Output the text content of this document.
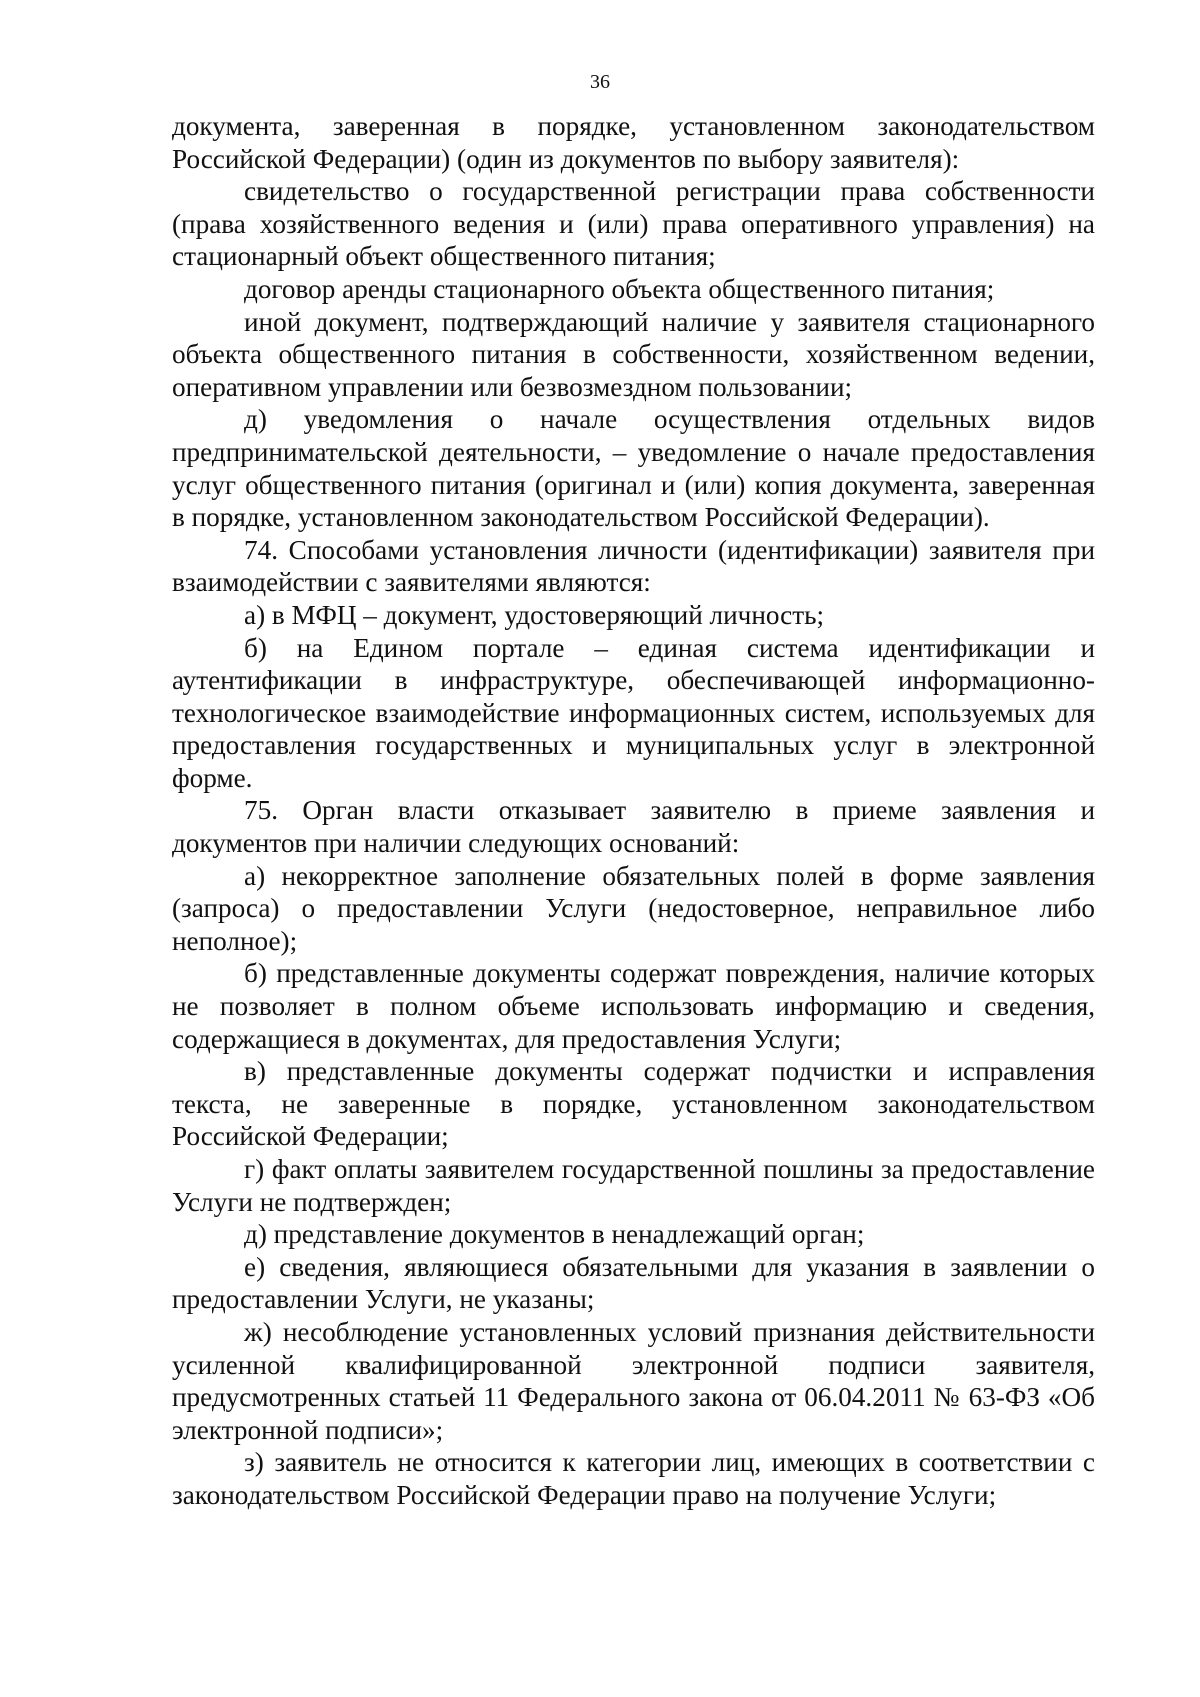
36

документа, заверенная в порядке, установленном законодательством Российской Федерации) (один из документов по выбору заявителя):

свидетельство о государственной регистрации права собственности (права хозяйственного ведения и (или) права оперативного управления) на стационарный объект общественного питания;

договор аренды стационарного объекта общественного питания;

иной документ, подтверждающий наличие у заявителя стационарного объекта общественного питания в собственности, хозяйственном ведении, оперативном управлении или безвозмездном пользовании;

д) уведомления о начале осуществления отдельных видов предпринимательской деятельности, – уведомление о начале предоставления услуг общественного питания (оригинал и (или) копия документа, заверенная в порядке, установленном законодательством Российской Федерации).

74. Способами установления личности (идентификации) заявителя при взаимодействии с заявителями являются:

а) в МФЦ – документ, удостоверяющий личность;

б) на Едином портале – единая система идентификации и аутентификации в инфраструктуре, обеспечивающей информационно-технологическое взаимодействие информационных систем, используемых для предоставления государственных и муниципальных услуг в электронной форме.

75. Орган власти отказывает заявителю в приеме заявления и документов при наличии следующих оснований:

а) некорректное заполнение обязательных полей в форме заявления (запроса) о предоставлении Услуги (недостоверное, неправильное либо неполное);

б) представленные документы содержат повреждения, наличие которых не позволяет в полном объеме использовать информацию и сведения, содержащиеся в документах, для предоставления Услуги;

в) представленные документы содержат подчистки и исправления текста, не заверенные в порядке, установленном законодательством Российской Федерации;

г) факт оплаты заявителем государственной пошлины за предоставление Услуги не подтвержден;

д) представление документов в ненадлежащий орган;

е) сведения, являющиеся обязательными для указания в заявлении о предоставлении Услуги, не указаны;

ж) несоблюдение установленных условий признания действительности усиленной квалифицированной электронной подписи заявителя, предусмотренных статьей 11 Федерального закона от 06.04.2011 № 63-ФЗ «Об электронной подписи»;

з) заявитель не относится к категории лиц, имеющих в соответствии с законодательством Российской Федерации право на получение Услуги;
